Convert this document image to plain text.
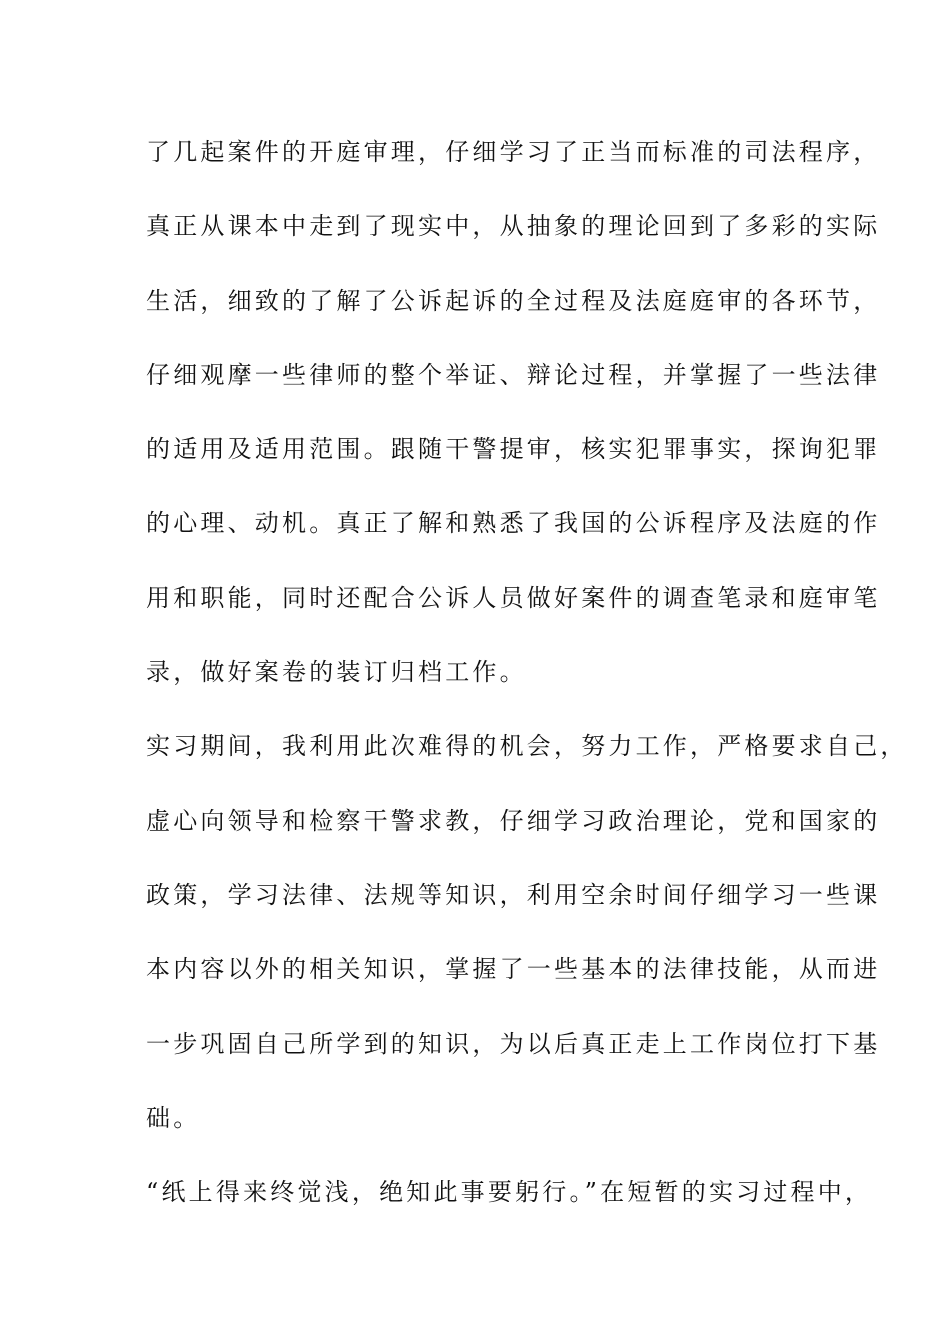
了几起案件的开庭审理，仔细学习了正当而标准的司法程序，
真正从课本中走到了现实中，从抽象的理论回到了多彩的实际
生活，细致的了解了公诉起诉的全过程及法庭庭审的各环节，
仔细观摩一些律师的整个举证、辩论过程，并掌握了一些法律
的适用及适用范围。跟随干警提审，核实犯罪事实，探询犯罪
的心理、动机。真正了解和熟悉了我国的公诉程序及法庭的作
用和职能，同时还配合公诉人员做好案件的调查笔录和庭审笔
录，做好案卷的装订归档工作。
实习期间，我利用此次难得的机会，努力工作，严格要求自己，
虚心向领导和检察干警求教，仔细学习政治理论，党和国家的
政策，学习法律、法规等知识，利用空余时间仔细学习一些课
本内容以外的相关知识，掌握了一些基本的法律技能，从而进
一步巩固自己所学到的知识，为以后真正走上工作岗位打下基
础。
“纸上得来终觉浅，绝知此事要躬行。”在短暂的实习过程中，
